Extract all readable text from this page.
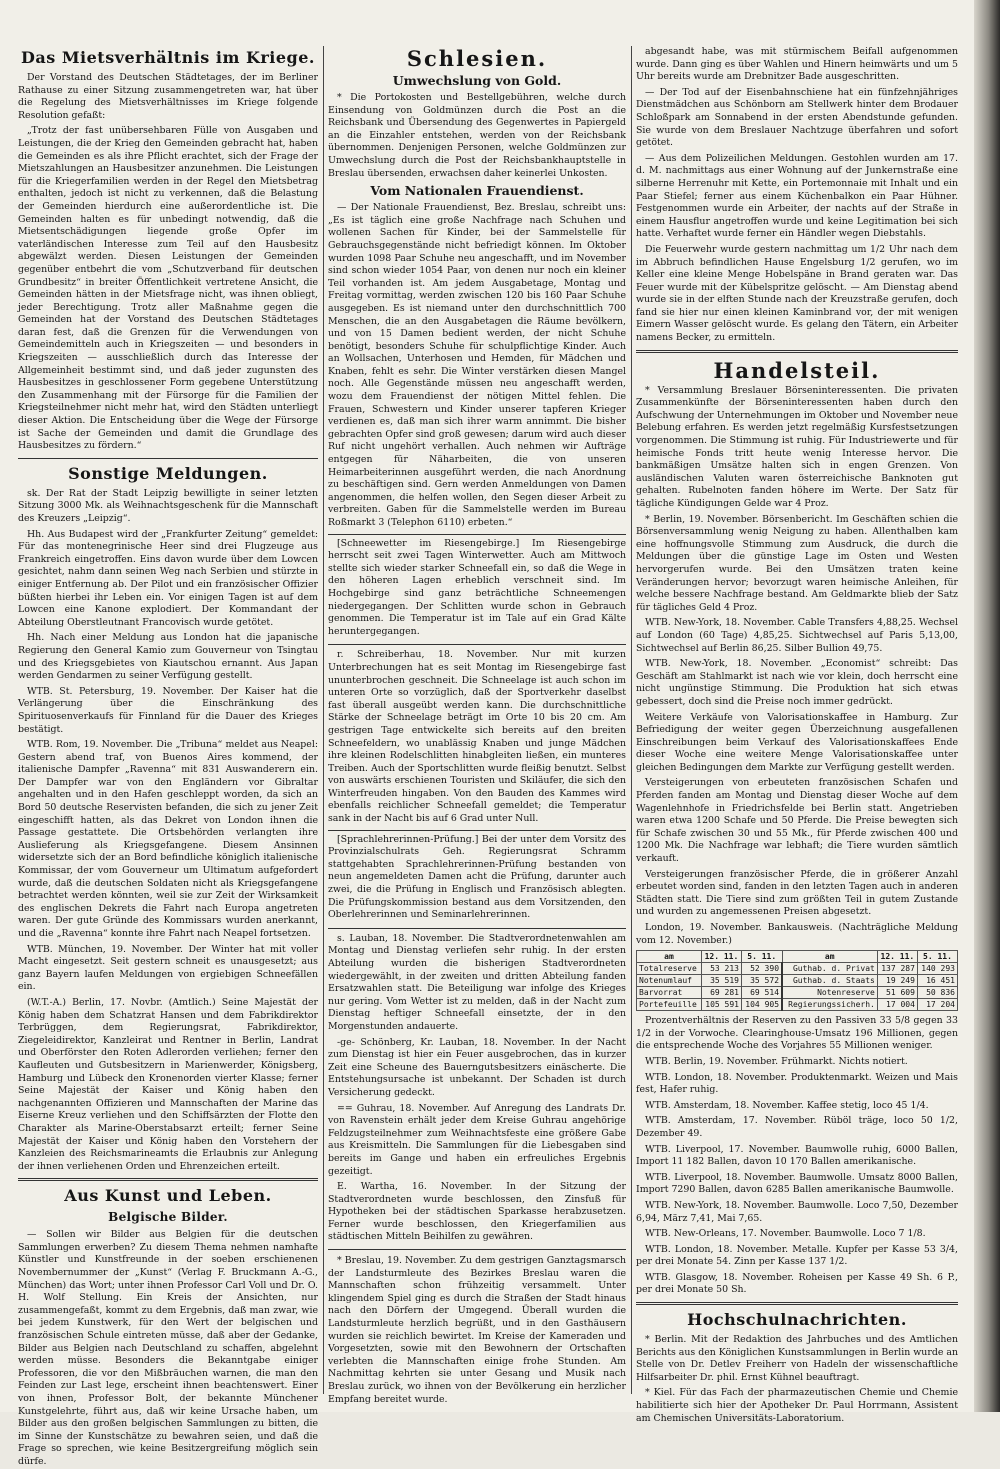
Das Mietsverhältnis im Kriege.

Der Vorstand des Deutschen Städtetages, der im Berliner Rathause zu einer Sitzung zusammengetreten war, hat über die Regelung des Mietsverhältnisses im Kriege folgende Resolution gefaßt:

„Trotz der fast unübersehbaren Fülle von Ausgaben und Leistungen, die der Krieg den Gemeinden gebracht hat, haben die Gemeinden es als ihre Pflicht erachtet, sich der Frage der Mietszahlungen an Hausbesitzer anzunehmen. Die Leistungen für die Kriegerfamilien werden in der Regel den Mietsbetrag enthalten, jedoch ist nicht zu verkennen, daß die Belastung der Gemeinden hierdurch eine außerordentliche ist. Die Gemeinden halten es für unbedingt notwendig, daß die Mietsentschädigungen liegende große Opfer im vaterländischen Interesse zum Teil auf den Hausbesitz abgewälzt werden. Diesen Leistungen der Gemeinden gegenüber entbehrt die vom „Schutzverband für deutschen Grundbesitz“ in breiter Öffentlichkeit vertretene Ansicht, die Gemeinden hätten in der Mietsfrage nicht, was ihnen obliegt, jeder Berechtigung. Trotz aller Maßnahme gegen die Gemeinden hat der Vorstand des Deutschen Städtetages daran fest, daß die Grenzen für die Verwendungen von Gemeindemitteln auch in Kriegszeiten — und besonders in Kriegszeiten — ausschließlich durch das Interesse der Allgemeinheit bestimmt sind, und daß jeder zugunsten des Hausbesitzes in geschlossener Form gegebene Unterstützung den Zusammenhang mit der Fürsorge für die Familien der Kriegsteilnehmer nicht mehr hat, wird den Städten unterliegt dieser Aktion. Die Entscheidung über die Wege der Fürsorge ist Sache der Gemeinden und damit die Grundlage des Hausbesitzes zu fördern.“

Sonstige Meldungen.

sk. Der Rat der Stadt Leipzig bewilligte in seiner letzten Sitzung 3000 Mk. als Weihnachtsgeschenk für die Mannschaft des Kreuzers „Leipzig“.

Hh. Aus Budapest wird der „Frankfurter Zeitung“ gemeldet: Für das montenegrinische Heer sind drei Flugzeuge aus Frankreich eingetroffen. Eins davon wurde über dem Lowcen gesichtet, nahm dann seinen Weg nach Serbien und stürzte in einiger Entfernung ab. Der Pilot und ein französischer Offizier büßten hierbei ihr Leben ein. Vor einigen Tagen ist auf dem Lowcen eine Kanone explodiert. Der Kommandant der Abteilung Oberstleutnant Francovisch wurde getötet.

Hh. Nach einer Meldung aus London hat die japanische Regierung den General Kamio zum Gouverneur von Tsingtau und des Kriegsgebietes von Kiautschou ernannt. Aus Japan werden Gendarmen zu seiner Verfügung gestellt.

WTB. St. Petersburg, 19. November. Der Kaiser hat die Verlängerung über die Einschränkung des Spirituosenverkaufs für Finnland für die Dauer des Krieges bestätigt.

WTB. Rom, 19. November. Die „Tribuna“ meldet aus Neapel: Gestern abend traf, von Buenos Aires kommend, der italienische Dampfer „Ravenna“ mit 831 Auswanderern ein. Der Dampfer war von den Engländern vor Gibraltar angehalten und in den Hafen geschleppt worden, da sich an Bord 50 deutsche Reservisten befanden, die sich zu jener Zeit eingeschifft hatten, als das Dekret von London ihnen die Passage gestattete. Die Ortsbehörden verlangten ihre Auslieferung als Kriegsgefangene. Diesem Ansinnen widersetzte sich der an Bord befindliche königlich italienische Kommissar, der vom Gouverneur um Ultimatum aufgefordert wurde, daß die deutschen Soldaten nicht als Kriegsgefangene betrachtet werden könnten, weil sie zur Zeit der Wirksamkeit des englischen Dekrets die Fahrt nach Europa angetreten waren. Der gute Gründe des Kommissars wurden anerkannt, und die „Ravenna“ konnte ihre Fahrt nach Neapel fortsetzen.

WTB. München, 19. November. Der Winter hat mit voller Macht eingesetzt. Seit gestern schneit es unausgesetzt; aus ganz Bayern laufen Meldungen von ergiebigen Schneefällen ein.

(W.T.-A.) Berlin, 17. Novbr. (Amtlich.) Seine Majestät der König haben dem Schatzrat Hansen und dem Fabrikdirektor Terbrüggen, dem Regierungsrat, Fabrikdirektor, Ziegeleidirektor, Kanzleirat und Rentner in Berlin, Landrat und Oberförster den Roten Adlerorden verliehen; ferner den Kaufleuten und Gutsbesitzern in Marienwerder, Königsberg, Hamburg und Lübeck den Kronenorden vierter Klasse; ferner Seine Majestät der Kaiser und König haben den nachgenannten Offizieren und Mannschaften der Marine das Eiserne Kreuz verliehen und den Schiffsärzten der Flotte den Charakter als Marine-Oberstabsarzt erteilt; ferner Seine Majestät der Kaiser und König haben den Vorstehern der Kanzleien des Reichsmarineamts die Erlaubnis zur Anlegung der ihnen verliehenen Orden und Ehrenzeichen erteilt.

Aus Kunst und Leben.
Belgische Bilder.

— Sollen wir Bilder aus Belgien für die deutschen Sammlungen erwerben? Zu diesem Thema nehmen namhafte Künstler und Kunstfreunde in der soeben erschienenen Novembernummer der „Kunst“ (Verlag F. Bruckmann A.-G., München) das Wort; unter ihnen Professor Carl Voll und Dr. O. H. Wolf Stellung. Ein Kreis der Ansichten, nur zusammengefaßt, kommt zu dem Ergebnis, daß man zwar, wie bei jedem Kunstwerk, für den Wert der belgischen und französischen Schule eintreten müsse, daß aber der Gedanke, Bilder aus Belgien nach Deutschland zu schaffen, abgelehnt werden müsse. Besonders die Bekanntgabe einiger Professoren, die vor den Mißbräuchen warnen, die man den Feinden zur Last lege, erscheint ihnen beachtenswert. Einer von ihnen, Professor Bolt, der bekannte Münchener Kunstgelehrte, führt aus, daß wir keine Ursache haben, um Bilder aus den großen belgischen Sammlungen zu bitten, die im Sinne der Kunstschätze zu bewahren seien, und daß die Frage so sprechen, wie keine Besitzergreifung möglich sein dürfe.

Schlesien.
Umwechslung von Gold.

* Die Portokosten und Bestellgebühren, welche durch Einsendung von Goldmünzen durch die Post an die Reichsbank und Übersendung des Gegenwertes in Papiergeld an die Einzahler entstehen, werden von der Reichsbank übernommen. Denjenigen Personen, welche Goldmünzen zur Umwechslung durch die Post der Reichsbankhauptstelle in Breslau übersenden, erwachsen daher keinerlei Unkosten.

Vom Nationalen Frauendienst.

— Der Nationale Frauendienst, Bez. Breslau, schreibt uns: „Es ist täglich eine große Nachfrage nach Schuhen und wollenen Sachen für Kinder, bei der Sammelstelle für Gebrauchsgegenstände nicht befriedigt können. Im Oktober wurden 1098 Paar Schuhe neu angeschafft, und im November sind schon wieder 1054 Paar, von denen nur noch ein kleiner Teil vorhanden ist. Am jedem Ausgabetage, Montag und Freitag vormittag, werden zwischen 120 bis 160 Paar Schuhe ausgegeben. Es ist niemand unter den durchschnittlich 700 Menschen, die an den Ausgabetagen die Räume bevölkern, und von 15 Damen bedient werden, der nicht Schuhe benötigt, besonders Schuhe für schulpflichtige Kinder. Auch an Wollsachen, Unterhosen und Hemden, für Mädchen und Knaben, fehlt es sehr. Die Winter verstärken diesen Mangel noch. Alle Gegenstände müssen neu angeschafft werden, wozu dem Frauendienst der nötigen Mittel fehlen. Die Frauen, Schwestern und Kinder unserer tapferen Krieger verdienen es, daß man sich ihrer warm annimmt. Die bisher gebrachten Opfer sind groß gewesen; darum wird auch dieser Ruf nicht ungehört verhallen. Auch nehmen wir Aufträge entgegen für Näharbeiten, die von unseren Heimarbeiterinnen ausgeführt werden, die nach Anordnung zu beschäftigen sind. Gern werden Anmeldungen von Damen angenommen, die helfen wollen, den Segen dieser Arbeit zu verbreiten. Gaben für die Sammelstelle werden im Bureau Roßmarkt 3 (Telephon 6110) erbeten.“

[Schneewetter im Riesengebirge.] Im Riesengebirge herrscht seit zwei Tagen Winterwetter. Auch am Mittwoch stellte sich wieder starker Schneefall ein, so daß die Wege in den höheren Lagen erheblich verschneit sind. Im Hochgebirge sind ganz beträchtliche Schneemengen niedergegangen. Der Schlitten wurde schon in Gebrauch genommen. Die Temperatur ist im Tale auf ein Grad Kälte heruntergegangen.

r. Schreiberhau, 18. November. Nur mit kurzen Unterbrechungen hat es seit Montag im Riesengebirge fast ununterbrochen geschneit. Die Schneelage ist auch schon im unteren Orte so vorzüglich, daß der Sportverkehr daselbst fast überall ausgeübt werden kann. Die durchschnittliche Stärke der Schneelage beträgt im Orte 10 bis 20 cm. Am gestrigen Tage entwickelte sich bereits auf den breiten Schneefeldern, wo unablässig Knaben und junge Mädchen ihre kleinen Rodelschlitten hinabgleiten ließen, ein munteres Treiben. Auch der Sportschlitten wurde fleißig benutzt. Selbst von auswärts erschienen Touristen und Skiläufer, die sich den Winterfreuden hingaben. Von den Bauden des Kammes wird ebenfalls reichlicher Schneefall gemeldet; die Temperatur sank in der Nacht bis auf 6 Grad unter Null.

[Sprachlehrerinnen-Prüfung.] Bei der unter dem Vorsitz des Provinzialschulrats Geh. Regierungsrat Schramm stattgehabten Sprachlehrerinnen-Prüfung bestanden von neun angemeldeten Damen acht die Prüfung, darunter auch zwei, die die Prüfung in Englisch und Französisch ablegten. Die Prüfungskommission bestand aus dem Vorsitzenden, den Oberlehrerinnen und Seminarlehrerinnen.

s. Lauban, 18. November. Die Stadtverordnetenwahlen am Montag und Dienstag verliefen sehr ruhig. In der ersten Abteilung wurden die bisherigen Stadtverordneten wiedergewählt, in der zweiten und dritten Abteilung fanden Ersatzwahlen statt. Die Beteiligung war infolge des Krieges nur gering. Vom Wetter ist zu melden, daß in der Nacht zum Dienstag heftiger Schneefall einsetzte, der in den Morgenstunden andauerte.

-ge- Schönberg, Kr. Lauban, 18. November. In der Nacht zum Dienstag ist hier ein Feuer ausgebrochen, das in kurzer Zeit eine Scheune des Bauerngutsbesitzers einäscherte. Die Entstehungsursache ist unbekannt. Der Schaden ist durch Versicherung gedeckt.

== Guhrau, 18. November. Auf Anregung des Landrats Dr. von Ravenstein erhält jeder dem Kreise Guhrau angehörige Feldzugsteilnehmer zum Weihnachtsfeste eine größere Gabe aus Kreismitteln. Die Sammlungen für die Liebesgaben sind bereits im Gange und haben ein erfreuliches Ergebnis gezeitigt.

E. Wartha, 16. November. In der Sitzung der Stadtverordneten wurde beschlossen, den Zinsfuß für Hypotheken bei der städtischen Sparkasse herabzusetzen. Ferner wurde beschlossen, den Kriegerfamilien aus städtischen Mitteln Beihilfen zu gewähren.

* Breslau, 19. November. Zu dem gestrigen Ganztagsmarsch der Landsturmleute des Bezirkes Breslau waren die Mannschaften schon frühzeitig versammelt. Unter klingendem Spiel ging es durch die Straßen der Stadt hinaus nach den Dörfern der Umgegend. Überall wurden die Landsturmleute herzlich begrüßt, und in den Gasthäusern wurden sie reichlich bewirtet. Im Kreise der Kameraden und Vorgesetzten, sowie mit den Bewohnern der Ortschaften verlebten die Mannschaften einige frohe Stunden. Am Nachmittag kehrten sie unter Gesang und Musik nach Breslau zurück, wo ihnen von der Bevölkerung ein herzlicher Empfang bereitet wurde.

abgesandt habe, was mit stürmischem Beifall aufgenommen wurde. Dann ging es über Wahlen und Hinern heimwärts und um 5 Uhr bereits wurde am Drebnitzer Bade ausgeschritten.

— Der Tod auf der Eisenbahnschiene hat ein fünfzehnjähriges Dienstmädchen aus Schönborn am Stellwerk hinter dem Brodauer Schloßpark am Sonnabend in der ersten Abendstunde gefunden. Sie wurde von dem Breslauer Nachtzuge überfahren und sofort getötet.

— Aus dem Polizeilichen Meldungen. Gestohlen wurden am 17. d. M. nachmittags aus einer Wohnung auf der Junkernstraße eine silberne Herrenuhr mit Kette, ein Portemonnaie mit Inhalt und ein Paar Stiefel; ferner aus einem Küchenbalkon ein Paar Hühner. Festgenommen wurde ein Arbeiter, der nachts auf der Straße in einem Hausflur angetroffen wurde und keine Legitimation bei sich hatte. Verhaftet wurde ferner ein Händler wegen Diebstahls.

Die Feuerwehr wurde gestern nachmittag um 1/2 Uhr nach dem im Abbruch befindlichen Hause Engelsburg 1/2 gerufen, wo im Keller eine kleine Menge Hobelspäne in Brand geraten war. Das Feuer wurde mit der Kübelspritze gelöscht. — Am Dienstag abend wurde sie in der elften Stunde nach der Kreuzstraße gerufen, doch fand sie hier nur einen kleinen Kaminbrand vor, der mit wenigen Eimern Wasser gelöscht wurde. Es gelang den Tätern, ein Arbeiter namens Becker, zu ermitteln.

Handelsteil.

* Versammlung Breslauer Börseninteressenten. Die privaten Zusammenkünfte der Börseninteressenten haben durch den Aufschwung der Unternehmungen im Oktober und November neue Belebung erfahren. Es werden jetzt regelmäßig Kursfestsetzungen vorgenommen. Die Stimmung ist ruhig. Für Industriewerte und für heimische Fonds tritt heute wenig Interesse hervor. Die bankmäßigen Umsätze halten sich in engen Grenzen. Von ausländischen Valuten waren österreichische Banknoten gut gehalten. Rubelnoten fanden höhere im Werte. Der Satz für tägliche Kündigungen Gelde war 4 Proz.

* Berlin, 19. November. Börsenbericht. Im Geschäften schien die Börsenversammlung wenig Neigung zu haben. Allenthalben kam eine hoffnungsvolle Stimmung zum Ausdruck, die durch die Meldungen über die günstige Lage im Osten und Westen hervorgerufen wurde. Bei den Umsätzen traten keine Veränderungen hervor; bevorzugt waren heimische Anleihen, für welche bessere Nachfrage bestand. Am Geldmarkte blieb der Satz für tägliches Geld 4 Proz.

WTB. New-York, 18. November. Cable Transfers 4,88,25. Wechsel auf London (60 Tage) 4,85,25. Sichtwechsel auf Paris 5,13,00, Sichtwechsel auf Berlin 86,25. Silber Bullion 49,75.

WTB. New-York, 18. November. „Economist“ schreibt: Das Geschäft am Stahlmarkt ist nach wie vor klein, doch herrscht eine nicht ungünstige Stimmung. Die Produktion hat sich etwas gebessert, doch sind die Preise noch immer gedrückt.

Weitere Verkäufe von Valorisationskaffee in Hamburg. Zur Befriedigung der weiter gegen Überzeichnung ausgefallenen Einschreibungen beim Verkauf des Valorisationskaffees Ende dieser Woche eine weitere Menge Valorisationskaffee unter gleichen Bedingungen dem Markte zur Verfügung gestellt werden.

Versteigerungen von erbeuteten französischen Schafen und Pferden fanden am Montag und Dienstag dieser Woche auf dem Wagenlehnhofe in Friedrichsfelde bei Berlin statt. Angetrieben waren etwa 1200 Schafe und 50 Pferde. Die Preise bewegten sich für Schafe zwischen 30 und 55 Mk., für Pferde zwischen 400 und 1200 Mk. Die Nachfrage war lebhaft; die Tiere wurden sämtlich verkauft.

Versteigerungen französischer Pferde, die in größerer Anzahl erbeutet worden sind, fanden in den letzten Tagen auch in anderen Städten statt. Die Tiere sind zum größten Teil in gutem Zustande und wurden zu angemessenen Preisen abgesetzt.

London, 19. November. Bankausweis. (Nachträgliche Meldung vom 12. November.)

am	12. 11.	5. 11.	am	12. 11.	5. 11.
Totalreserve	53 213	52 390	Guthab. d. Privat	137 287	140 293
Notenumlauf	35 519	35 572	Guthab. d. Staats	19 249	16 451
Barvorrat	69 281	69 514	Notenreserve	51 609	50 836
Portefeuille	105 591	104 905	Regierungssicherh.	17 004	17 204

Prozentverhältnis der Reserven zu den Passiven 33 5/8 gegen 33 1/2 in der Vorwoche. Clearinghouse-Umsatz 196 Millionen, gegen die entsprechende Woche des Vorjahres 55 Millionen weniger.

WTB. Berlin, 19. November. Frühmarkt. Nichts notiert.

WTB. London, 18. November. Produktenmarkt. Weizen und Mais fest, Hafer ruhig.

WTB. Amsterdam, 18. November. Kaffee stetig, loco 45 1/4.

WTB. Amsterdam, 17. November. Rüböl träge, loco 50 1/2, Dezember 49.

WTB. Liverpool, 17. November. Baumwolle ruhig, 6000 Ballen, Import 11 182 Ballen, davon 10 170 Ballen amerikanische.

WTB. Liverpool, 18. November. Baumwolle. Umsatz 8000 Ballen, Import 7290 Ballen, davon 6285 Ballen amerikanische Baumwolle.

WTB. New-York, 18. November. Baumwolle. Loco 7,50, Dezember 6,94, März 7,41, Mai 7,65.

WTB. New-Orleans, 17. November. Baumwolle. Loco 7 1/8.

WTB. London, 18. November. Metalle. Kupfer per Kasse 53 3/4, per drei Monate 54. Zinn per Kasse 137 1/2.

WTB. Glasgow, 18. November. Roheisen per Kasse 49 Sh. 6 P., per drei Monate 50 Sh.

Hochschulnachrichten.

* Berlin. Mit der Redaktion des Jahrbuches und des Amtlichen Berichts aus den Königlichen Kunstsammlungen in Berlin wurde an Stelle von Dr. Detlev Freiherr von Hadeln der wissenschaftliche Hilfsarbeiter Dr. phil. Ernst Kühnel beauftragt.

* Kiel. Für das Fach der pharmazeutischen Chemie und Chemie habilitierte sich hier der Apotheker Dr. Paul Horrmann, Assistent am Chemischen Universitäts-Laboratorium.
